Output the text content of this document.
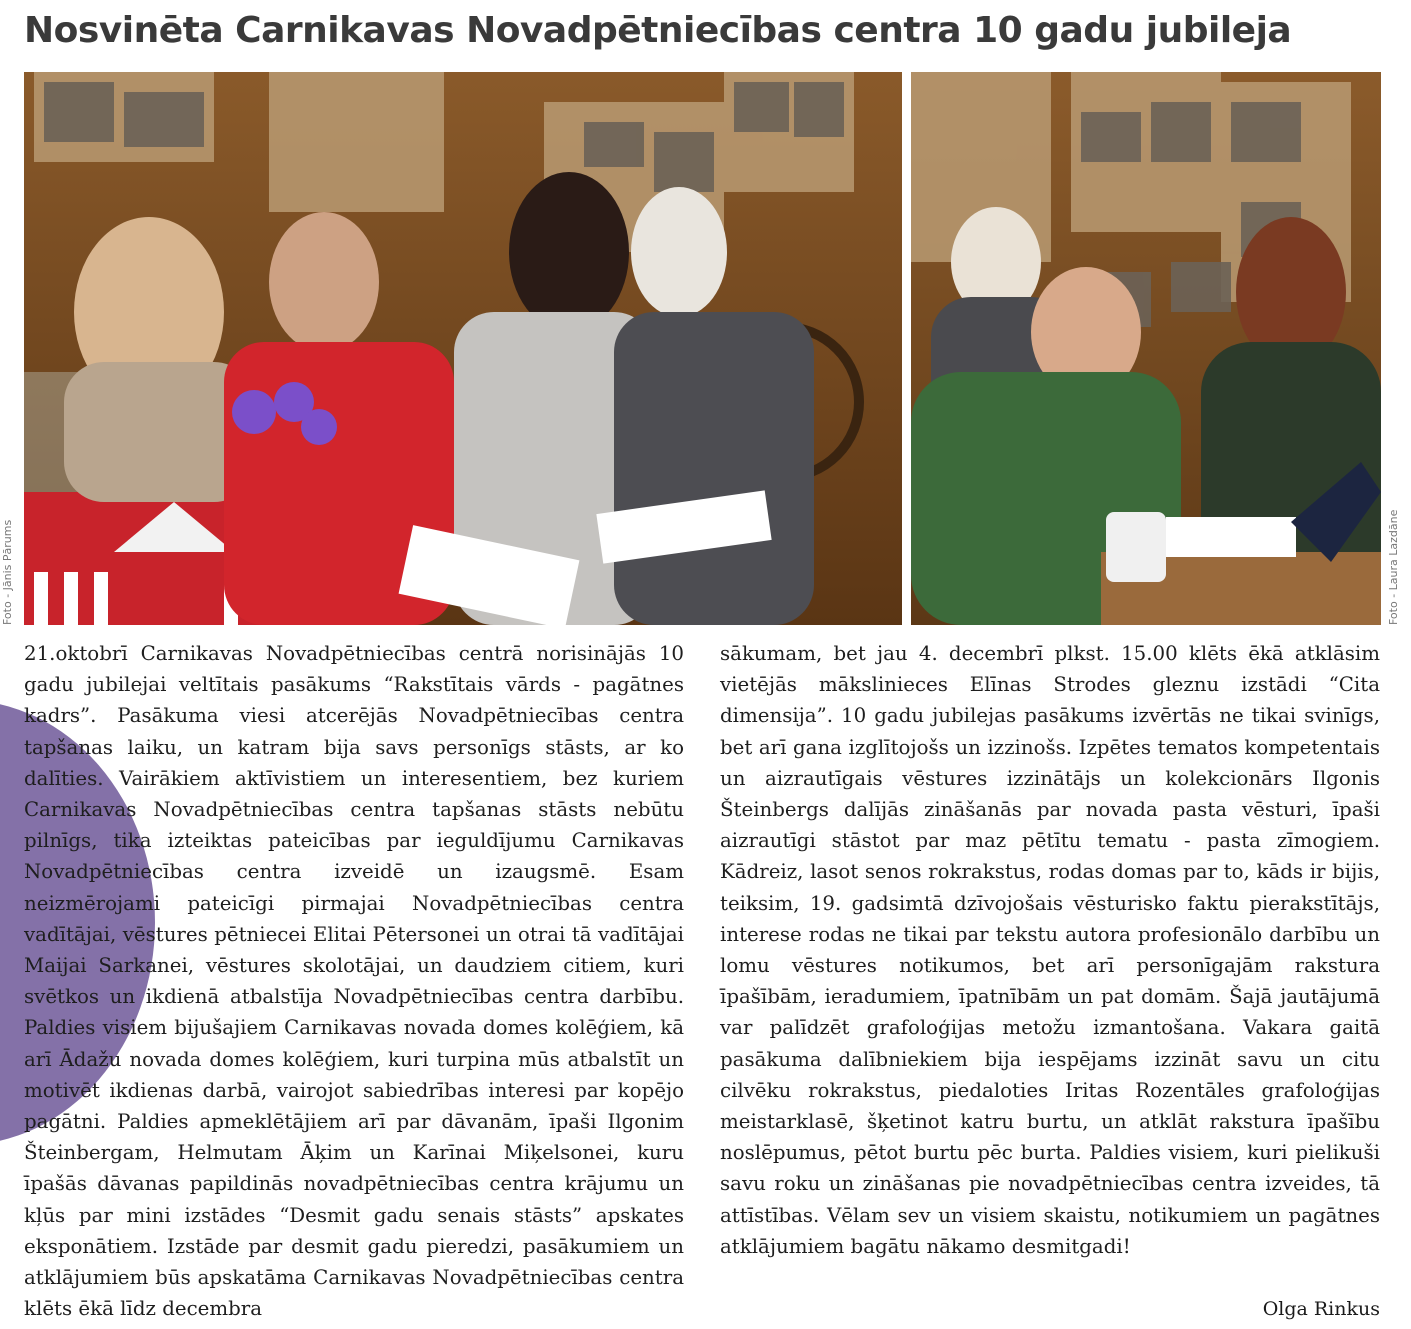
Nosvinēta Carnikavas Novadpētniecības centra 10 gadu jubileja
Foto - Jānis Pārums	Foto - Laura Lazdāne

21.oktobrī Carnikavas Novadpētniecības centrā norisinājās 10 gadu jubilejai veltītais pasākums “Rakstītais vārds - pagātnes kadrs”. Pasākuma viesi atcerējās Novadpētniecības centra tapšanas laiku, un katram bija savs personīgs stāsts, ar ko dalīties. Vairākiem aktīvistiem un interesentiem, bez kuriem Carnikavas Novadpētniecības centra tapšanas stāsts nebūtu pilnīgs, tika izteiktas pateicības par ieguldījumu Carnikavas Novadpētniecības centra izveidē un izaugsmē. Esam neizmērojami pateicīgi pirmajai Novadpētniecības centra vadītājai, vēstures pētniecei Elitai Pētersonei un otrai tā vadītājai Maijai Sarkanei, vēstures skolotājai, un daudziem citiem, kuri svētkos un ikdienā atbalstīja Novadpētniecības centra darbību. Paldies visiem bijušajiem Carnikavas novada domes kolēģiem, kā arī Ādažu novada domes kolēģiem, kuri turpina mūs atbalstīt un motivēt ikdienas darbā, vairojot sabiedrības interesi par kopējo pagātni. Paldies apmeklētājiem arī par dāvanām, īpaši Ilgonim Šteinbergam, Helmutam Āķim un Karīnai Miķelsonei, kuru īpašās dāvanas papildinās novadpētniecības centra krājumu un kļūs par mini izstādes “Desmit gadu senais stāsts” apskates eksponātiem. Izstāde par desmit gadu pieredzi, pasākumiem un atklājumiem būs apskatāma Carnikavas Novadpētniecības centra klēts ēkā līdz decembra

sākumam, bet jau 4. decembrī plkst. 15.00 klēts ēkā atklāsim vietējās mākslinieces Elīnas Strodes gleznu izstādi “Cita dimensija”. 10 gadu jubilejas pasākums izvērtās ne tikai svinīgs, bet arī gana izglītojošs un izzinošs. Izpētes tematos kompetentais un aizrautīgais vēstures izzinātājs un kolekcionārs Ilgonis Šteinbergs dalījās zināšanās par novada pasta vēsturi, īpaši aizrautīgi stāstot par maz pētītu tematu - pasta zīmogiem. Kādreiz, lasot senos rokrakstus, rodas domas par to, kāds ir bijis, teiksim, 19. gadsimtā dzīvojošais vēsturisko faktu pierakstītājs, interese rodas ne tikai par tekstu autora profesionālo darbību un lomu vēstures notikumos, bet arī personīgajām rakstura īpašībām, ieradumiem, īpatnībām un pat domām. Šajā jautājumā var palīdzēt grafoloģijas metožu izmantošana. Vakara gaitā pasākuma dalībniekiem bija iespējams izzināt savu un citu cilvēku rokrakstus, piedaloties Iritas Rozentāles grafoloģijas meistarklasē, šķetinot katru burtu, un atklāt rakstura īpašību noslēpumus, pētot burtu pēc burta. Paldies visiem, kuri pielikuši savu roku un zināšanas pie novadpētniecības centra izveides, tā attīstības. Vēlam sev un visiem skaistu, notikumiem un pagātnes atklājumiem bagātu nākamo desmitgadi!

Olga Rinkus
